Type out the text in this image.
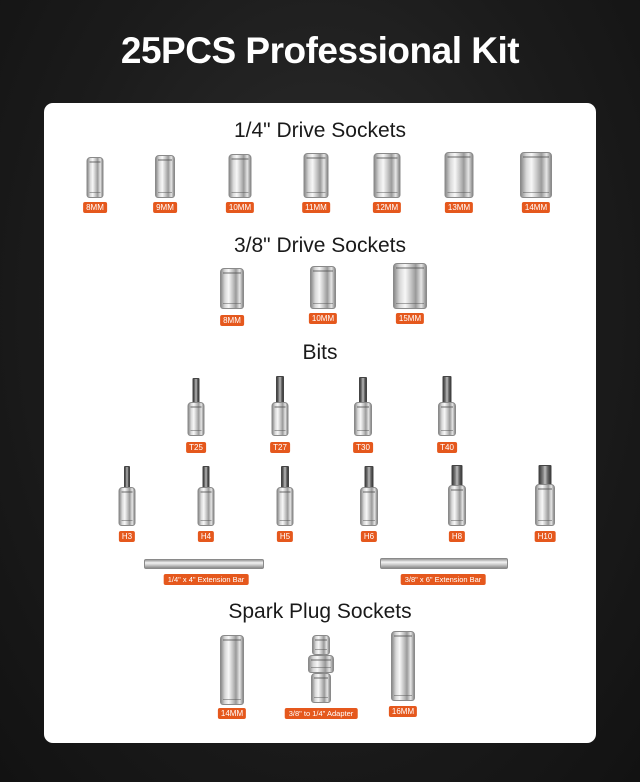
25PCS Professional Kit
1/4" Drive Sockets
8MM	9MM	10MM	11MM	12MM	13MM	14MM
3/8" Drive Sockets
8MM	10MM	15MM
Bits
T25	T27	T30	T40
H3	H4	H5	H6	H8	H10
1/4" x 4" Extension Bar	3/8" x 6" Extension Bar
Spark Plug Sockets
14MM	3/8" to 1/4" Adapter	16MM
